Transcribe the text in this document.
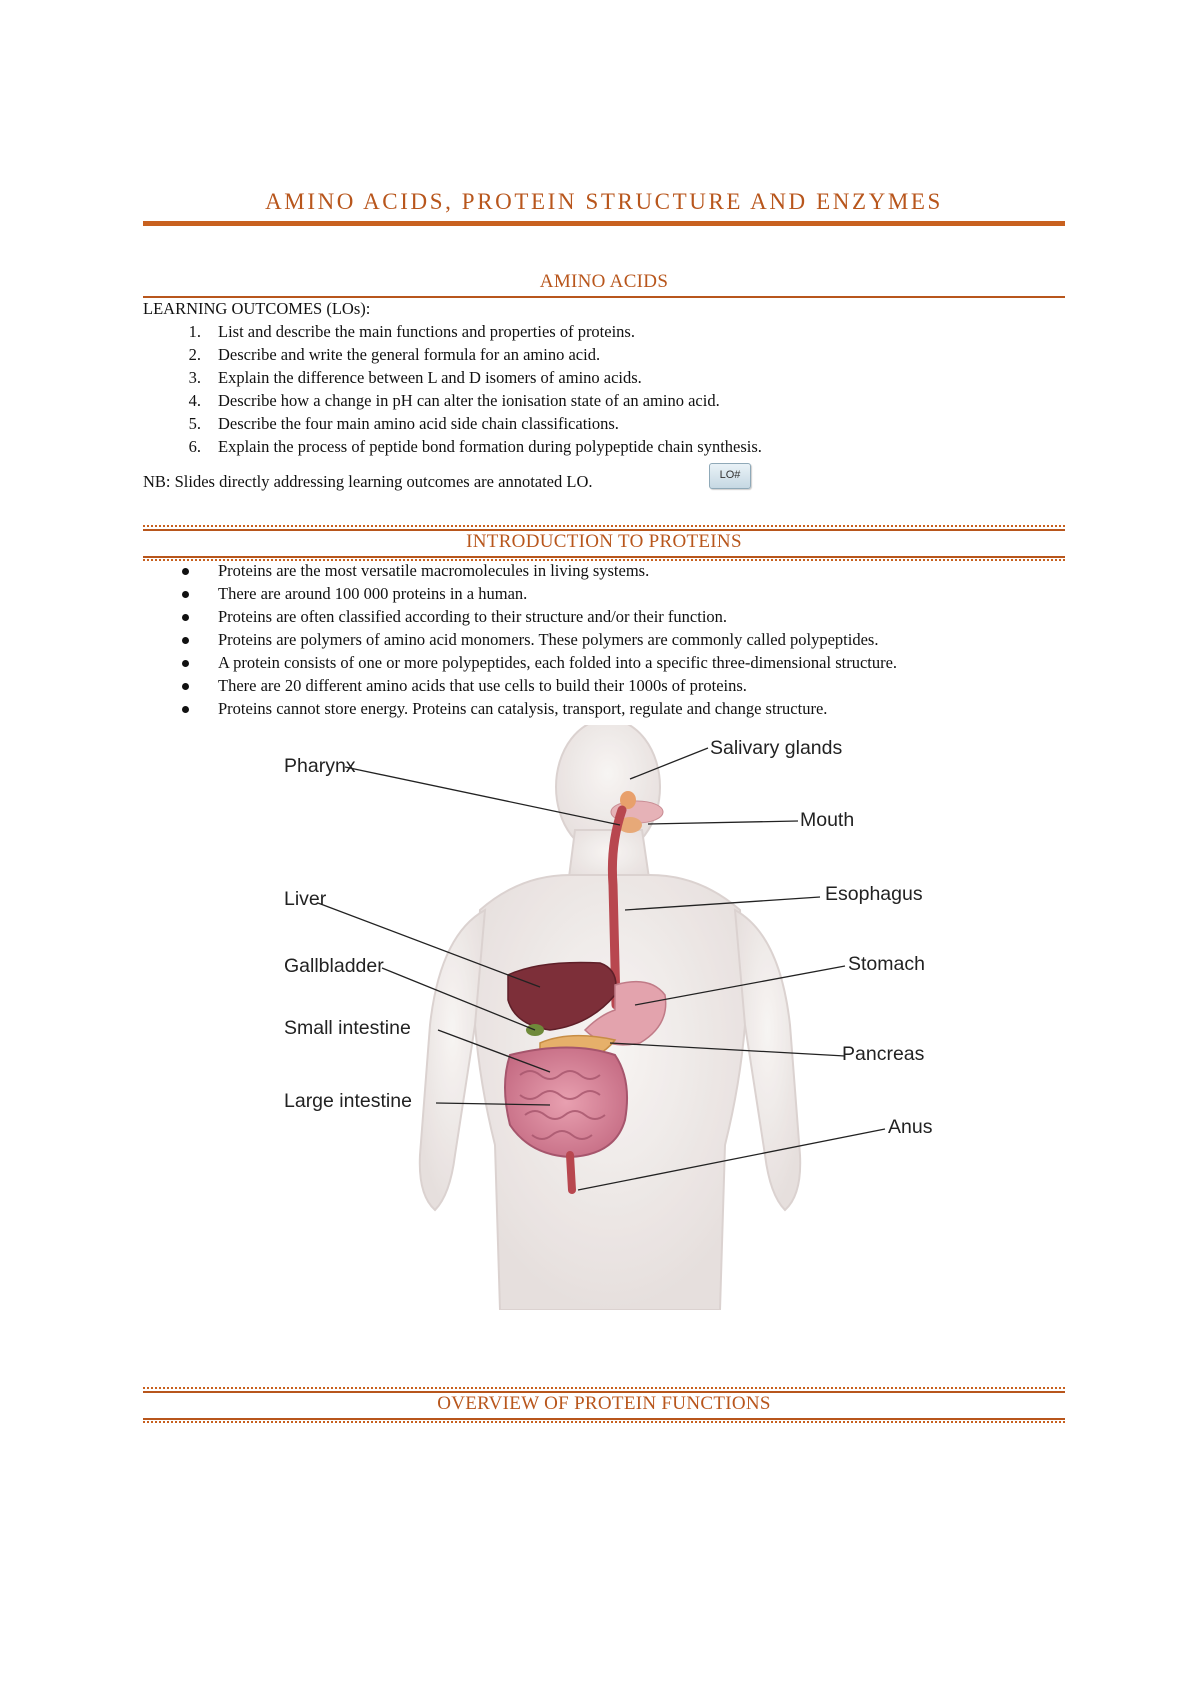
AMINO ACIDS, PROTEIN STRUCTURE AND ENZYMES
AMINO ACIDS
LEARNING OUTCOMES (LOs):
1. List and describe the main functions and properties of proteins.
2. Describe and write the general formula for an amino acid.
3. Explain the difference between L and D isomers of amino acids.
4. Describe how a change in pH can alter the ionisation state of an amino acid.
5. Describe the four main amino acid side chain classifications.
6. Explain the process of peptide bond formation during polypeptide chain synthesis.
NB: Slides directly addressing learning outcomes are annotated LO.	LO#
INTRODUCTION TO PROTEINS
Proteins are the most versatile macromolecules in living systems.
There are around 100 000 proteins in a human.
Proteins are often classified according to their structure and/or their function.
Proteins are polymers of amino acid monomers. These polymers are commonly called polypeptides.
A protein consists of one or more polypeptides, each folded into a specific three-dimensional structure.
There are 20 different amino acids that use cells to build their 1000s of proteins.
Proteins cannot store energy. Proteins can catalysis, transport, regulate and change structure.
Pharynx
Salivary glands
Mouth
Liver	Esophagus
Gallbladder	Stomach
Small intestine
Pancreas
Large intestine
Anus
OVERVIEW OF PROTEIN FUNCTIONS
